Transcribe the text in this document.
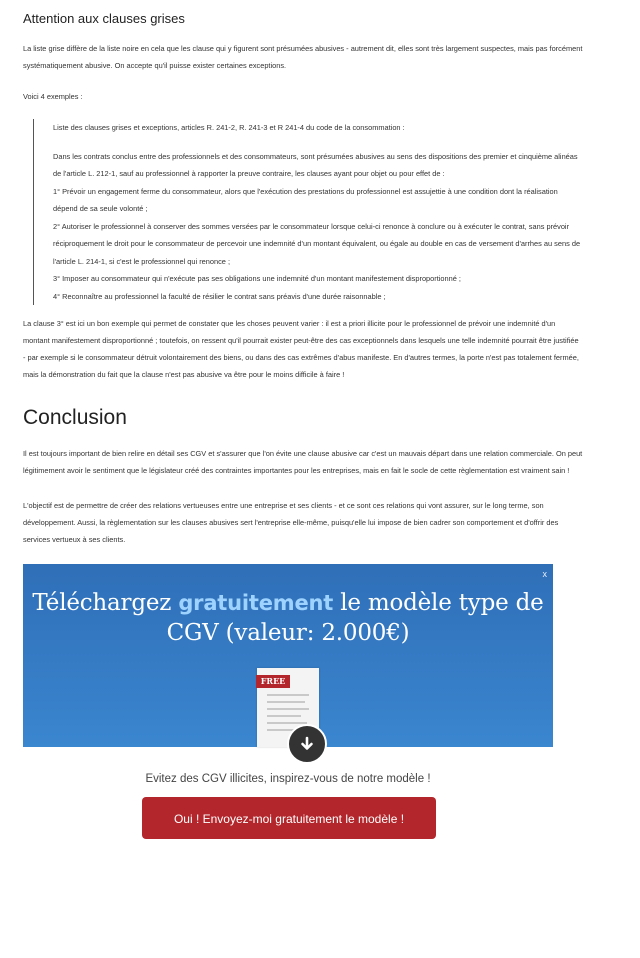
Attention aux clauses grises

La liste grise diffère de la liste noire en cela que les clause qui y figurent sont présumées abusives - autrement dit, elles sont très largement suspectes, mais pas forcément systématiquement abusive. On accepte qu'il puisse exister certaines exceptions.

Voici 4 exemples :

Liste des clauses grises et exceptions, articles R. 241-2, R. 241-3 et R 241-4 du code de la consommation :

Dans les contrats conclus entre des professionnels et des consommateurs, sont présumées abusives au sens des dispositions des premier et cinquième alinéas de l'article L. 212-1, sauf au professionnel à rapporter la preuve contraire, les clauses ayant pour objet ou pour effet de :

1° Prévoir un engagement ferme du consommateur, alors que l'exécution des prestations du professionnel est assujettie à une condition dont la réalisation dépend de sa seule volonté ;

2° Autoriser le professionnel à conserver des sommes versées par le consommateur lorsque celui-ci renonce à conclure ou à exécuter le contrat, sans prévoir réciproquement le droit pour le consommateur de percevoir une indemnité d'un montant équivalent, ou égale au double en cas de versement d'arrhes au sens de l'article L. 214-1, si c'est le professionnel qui renonce ;

3° Imposer au consommateur qui n'exécute pas ses obligations une indemnité d'un montant manifestement disproportionné ;

4° Reconnaître au professionnel la faculté de résilier le contrat sans préavis d'une durée raisonnable ;

La clause 3° est ici un bon exemple qui permet de constater que les choses peuvent varier : il est a priori illicite pour le professionnel de prévoir une indemnité d'un montant manifestement disproportionné ; toutefois, on ressent qu'il pourrait exister peut-être des cas exceptionnels dans lesquels une telle indemnité pourrait être justifiée - par exemple si le consommateur détruit volontairement des biens, ou dans des cas extrêmes d'abus manifeste. En d'autres termes, la porte n'est pas totalement fermée, mais la démonstration du fait que la clause n'est pas abusive va être pour le moins difficile à faire !

Conclusion

Il est toujours important de bien relire en détail ses CGV et s'assurer que l'on évite une clause abusive car c'est un mauvais départ dans une relation commerciale. On peut légitimement avoir le sentiment que le législateur créé des contraintes importantes pour les entreprises, mais en fait le socle de cette règlementation est vraiment sain !

L'objectif est de permettre de créer des relations vertueuses entre une entreprise et ses clients - et ce sont ces relations qui vont assurer, sur le long terme, son développement. Aussi, la règlementation sur les clauses abusives sert l'entreprise elle-même, puisqu'elle lui impose de bien cadrer son comportement et d'offrir des services vertueux à ses clients.

x
Téléchargez gratuitement le modèle type de CGV (valeur: 2.000€)
FREE
Evitez des CGV illicites, inspirez-vous de notre modèle !
Oui ! Envoyez-moi gratuitement le modèle !
